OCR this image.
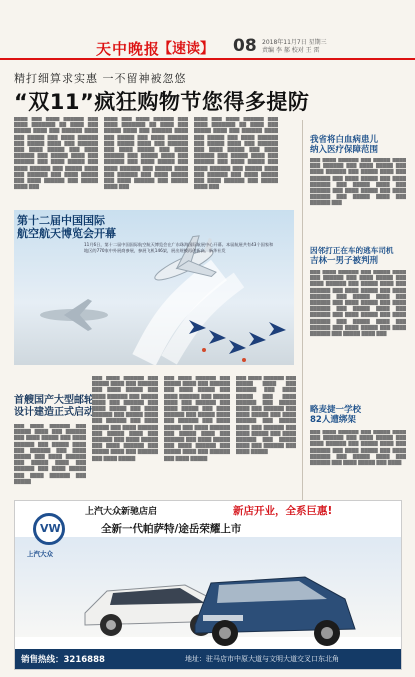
天中晚报
【速读】 08 2018年11月7日 星期三
责编 李 郝 校对 王 雷
精打细算求实惠 一不留神被忽悠
“双11”疯狂购物节您得多提防
████ ███ ████ ██████ ███ ████ ███████ ██ ████ ███ █████ ████ ███ ██████ ████ ███ █████ ███ ████ ██████ ███ █████ ████ ███ ██████ ███ ████ █████ ███ ████ ██████ ███ █████ ████ ███ ██████ ███ ████ █████ ███ ████ ██████ ███ █████ ████ ███ ██████ ███ ████ █████ ███ ████ ██████ ███ █████ ████ ███
████ ███ ████ ██████ ███ ████ ███████ ██ ████ ███ █████ ████ ███ ██████ ████ ███ █████ ███ ████ ██████ ███ █████ ████ ███ ██████ ███ ████ █████ ███ ████ ██████ ███ █████ ████ ███ ██████ ███ ████ █████ ███ ████ ██████ ███ █████ ████ ███ ██████ ███ ████ █████ ███ ████ ██████ ███ █████ ████ ███
████ ███ ████ ██████ ███ ████ ███████ ██ ████ ███ █████ ████ ███ ██████ ████ ███ █████ ███ ████ ██████ ███ █████ ████ ███ ██████ ███ ████ █████ ███ ████ ██████ ███ █████ ████ ███ ██████ ███ ████ █████ ███ ████ ██████ ███ █████ ████ ███ ██████ ███ ████ █████ ███ ████ ██████ ███ █████ ████ ███
第十二届中国国际
航空航天博览会开幕
11月6日，第十二届中国国际航空航天博览会在广东珠海国际航展中心开幕。本届航展共有43个国家和地区的770家中外展商参展，参展飞机146架，展出规模再创新高。新华社发
首艘国产大型邮轮
设计建造正式启动
███ ████ ██████ ███ █████ ████ ███ ██████ ███ ████ █████ ███ ████ ██████ ███ █████ ████ ███ ██████ ███ ████ █████ ███ ████ ██████ ███ █████ ████ ███ ██████ ███ ████ █████ ███ ████ ██████ ███ █████
███ ████ ██████ ███ █████ ████ ███ ██████ ███ ████ █████ ███ ████ ██████ ███ █████ ████ ███ ██████ ███ ████ █████ ███ ████ ██████ ███ █████ ████ ███ ██████ ███ ████ █████ ███ ████ ██████ ███ █████ ████ ███ ██████ ███ ████ █████ ███ ████ ██████ ███ █████ ████ ███ ██████ ███ ████ █████
███ ████ ██████ ███ █████ ████ ███ ██████ ███ ████ █████ ███ ████ ██████ ███ █████ ████ ███ ██████ ███ ████ █████ ███ ████ ██████ ███ █████ ████ ███ ██████ ███ ████ █████ ███ ████ ██████ ███ █████ ████ ███ ██████ ███ ████ █████ ███ ████ ██████ ███ █████ ████ ███ ██████ ███ ████ █████
███ ████ ██████ ███ █████ ████ ███ ██████ ███ ████ █████ ███ ████ ██████ ███ █████ ████ ███ ██████ ███ ████ █████ ███ ████ ██████ ███ █████ ████ ███ ██████ ███ ████ █████ ███ ████ ██████ ███ █████ ████ ███ ██████ ███ ████ █████
我省将白血病患儿
纳入医疗保障范围
███ ████ ██████ ███ █████ ████ ███ ██████ ███ ████ █████ ███ ████ ██████ ███ █████ ████ ███ ██████ ███ ████ █████ ███ ████ ██████ ███ █████ ████ ███ ██████ ███ ████ █████ ███ ████ ██████ ███ █████ ████ ███ ██████ ███
因邻打正在车的逃车司机
吉林一男子被判刑
███ ████ ██████ ███ █████ ████ ███ ██████ ███ ████ █████ ███ ████ ██████ ███ █████ ████ ███ ██████ ███ ████ █████ ███ ████ ██████ ███ █████ ████ ███ ██████ ███ ████ █████ ███ ████ ██████ ███ █████ ████ ███ ██████ ███ ████ █████ ███ ████ ██████ ███ █████ ████ ███ ██████ ███ ████ █████ ███ ████ ██████ ███ █████ ████ ███
略麦捷一学校
82人遭绑架
███ ████ ██████ ███ █████ ████ ███ ██████ ███ ████ █████ ███ ████ ██████ ███ █████ ████ ███ ██████ ███ ████ █████ ███ ████ ██████ ███ █████ ████ ███ ██████ ███ ████ █████ ███ ████
上汽大众新驰店启	新店开业，全系巨惠!
全新一代帕萨特/途岳荣耀上市
VW
上汽大众
销售热线：3216888	地址：驻马店市中原大道与文明大道交叉口东北角
